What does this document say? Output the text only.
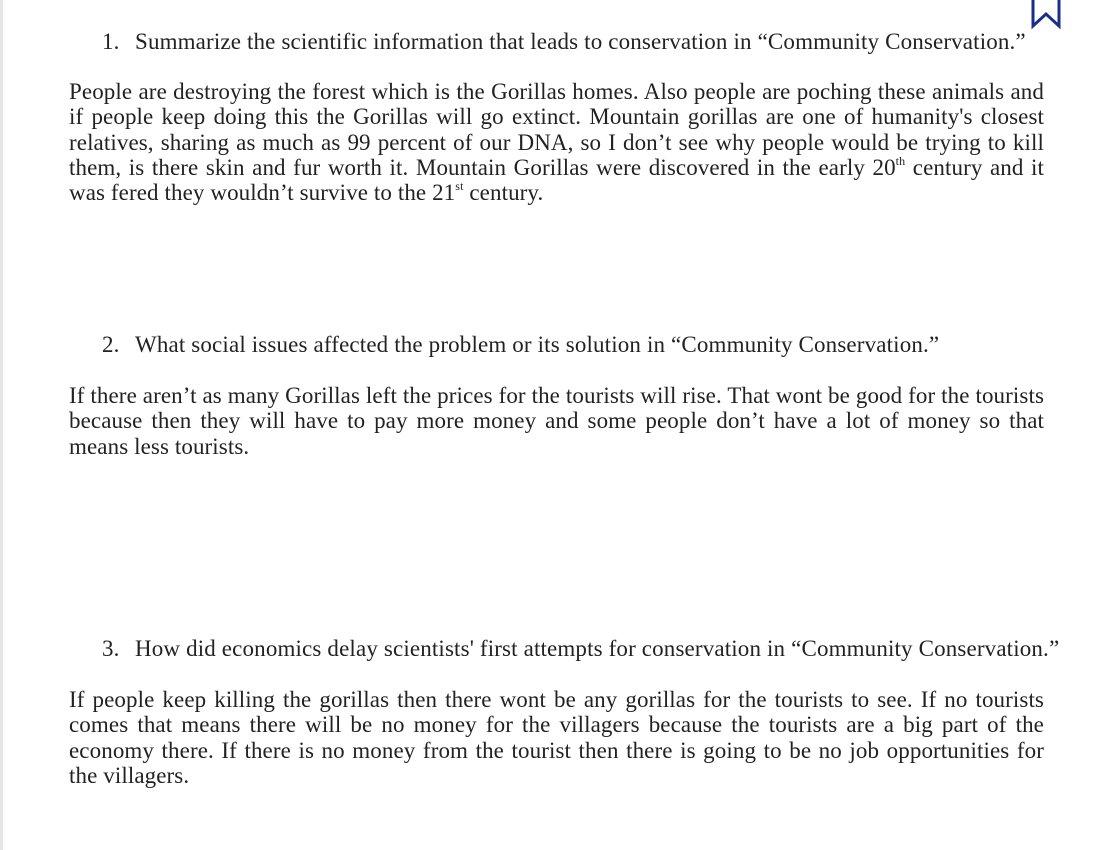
1. Summarize the scientific information that leads to conservation in “Community Conservation.”
People are destroying the forest which is the Gorillas homes. Also people are poching these animals and if people keep doing this the Gorillas will go extinct. Mountain gorillas are one of humanity's closest relatives, sharing as much as 99 percent of our DNA, so I don’t see why people would be trying to kill them, is there skin and fur worth it. Mountain Gorillas were discovered in the early 20th century and it was fered they wouldn’t survive to the 21st century.
2. What social issues affected the problem or its solution in “Community Conservation.”
If there aren’t as many Gorillas left the prices for the tourists will rise. That wont be good for the tourists because then they will have to pay more money and some people don’t have a lot of money so that means less tourists.
3. How did economics delay scientists' first attempts for conservation in “Community Conservation.”
If people keep killing the gorillas then there wont be any gorillas for the tourists to see. If no tourists comes that means there will be no money for the villagers because the tourists are a big part of the economy there. If there is no money from the tourist then there is going to be no job opportunities for the villagers.
